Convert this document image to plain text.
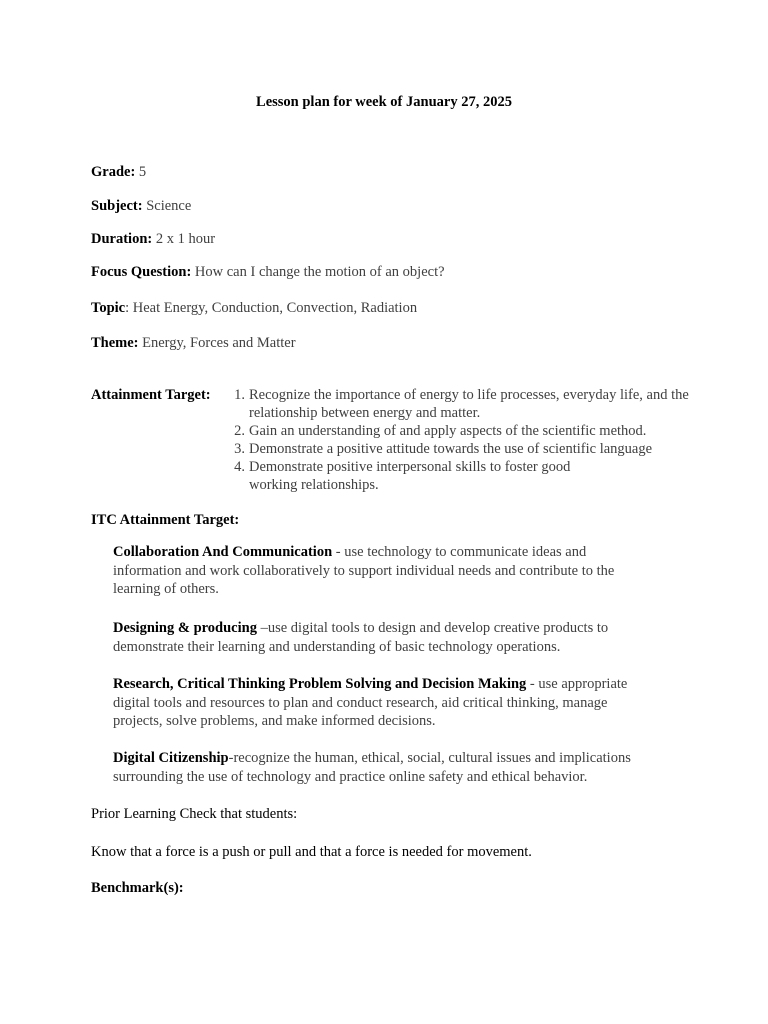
Lesson plan for week of January 27, 2025
Grade: 5
Subject: Science
Duration: 2 x 1 hour
Focus Question: How can I change the motion of an object?
Topic: Heat Energy, Conduction, Convection, Radiation
Theme: Energy, Forces and Matter
Attainment Target:	1. Recognize the importance of energy to life processes, everyday life, and the relationship between energy and matter.
2. Gain an understanding of and apply aspects of the scientific method.
3. Demonstrate a positive attitude towards the use of scientific language
4. Demonstrate positive interpersonal skills to foster good working relationships.
ITC Attainment Target:
Collaboration And Communication - use technology to communicate ideas and information and work collaboratively to support individual needs and contribute to the learning of others.
Designing & producing –use digital tools to design and develop creative products to demonstrate their learning and understanding of basic technology operations.
Research, Critical Thinking Problem Solving and Decision Making - use appropriate digital tools and resources to plan and conduct research, aid critical thinking, manage projects, solve problems, and make informed decisions.
Digital Citizenship-recognize the human, ethical, social, cultural issues and implications surrounding the use of technology and practice online safety and ethical behavior.
Prior Learning Check that students:
Know that a force is a push or pull and that a force is needed for movement.
Benchmark(s):
